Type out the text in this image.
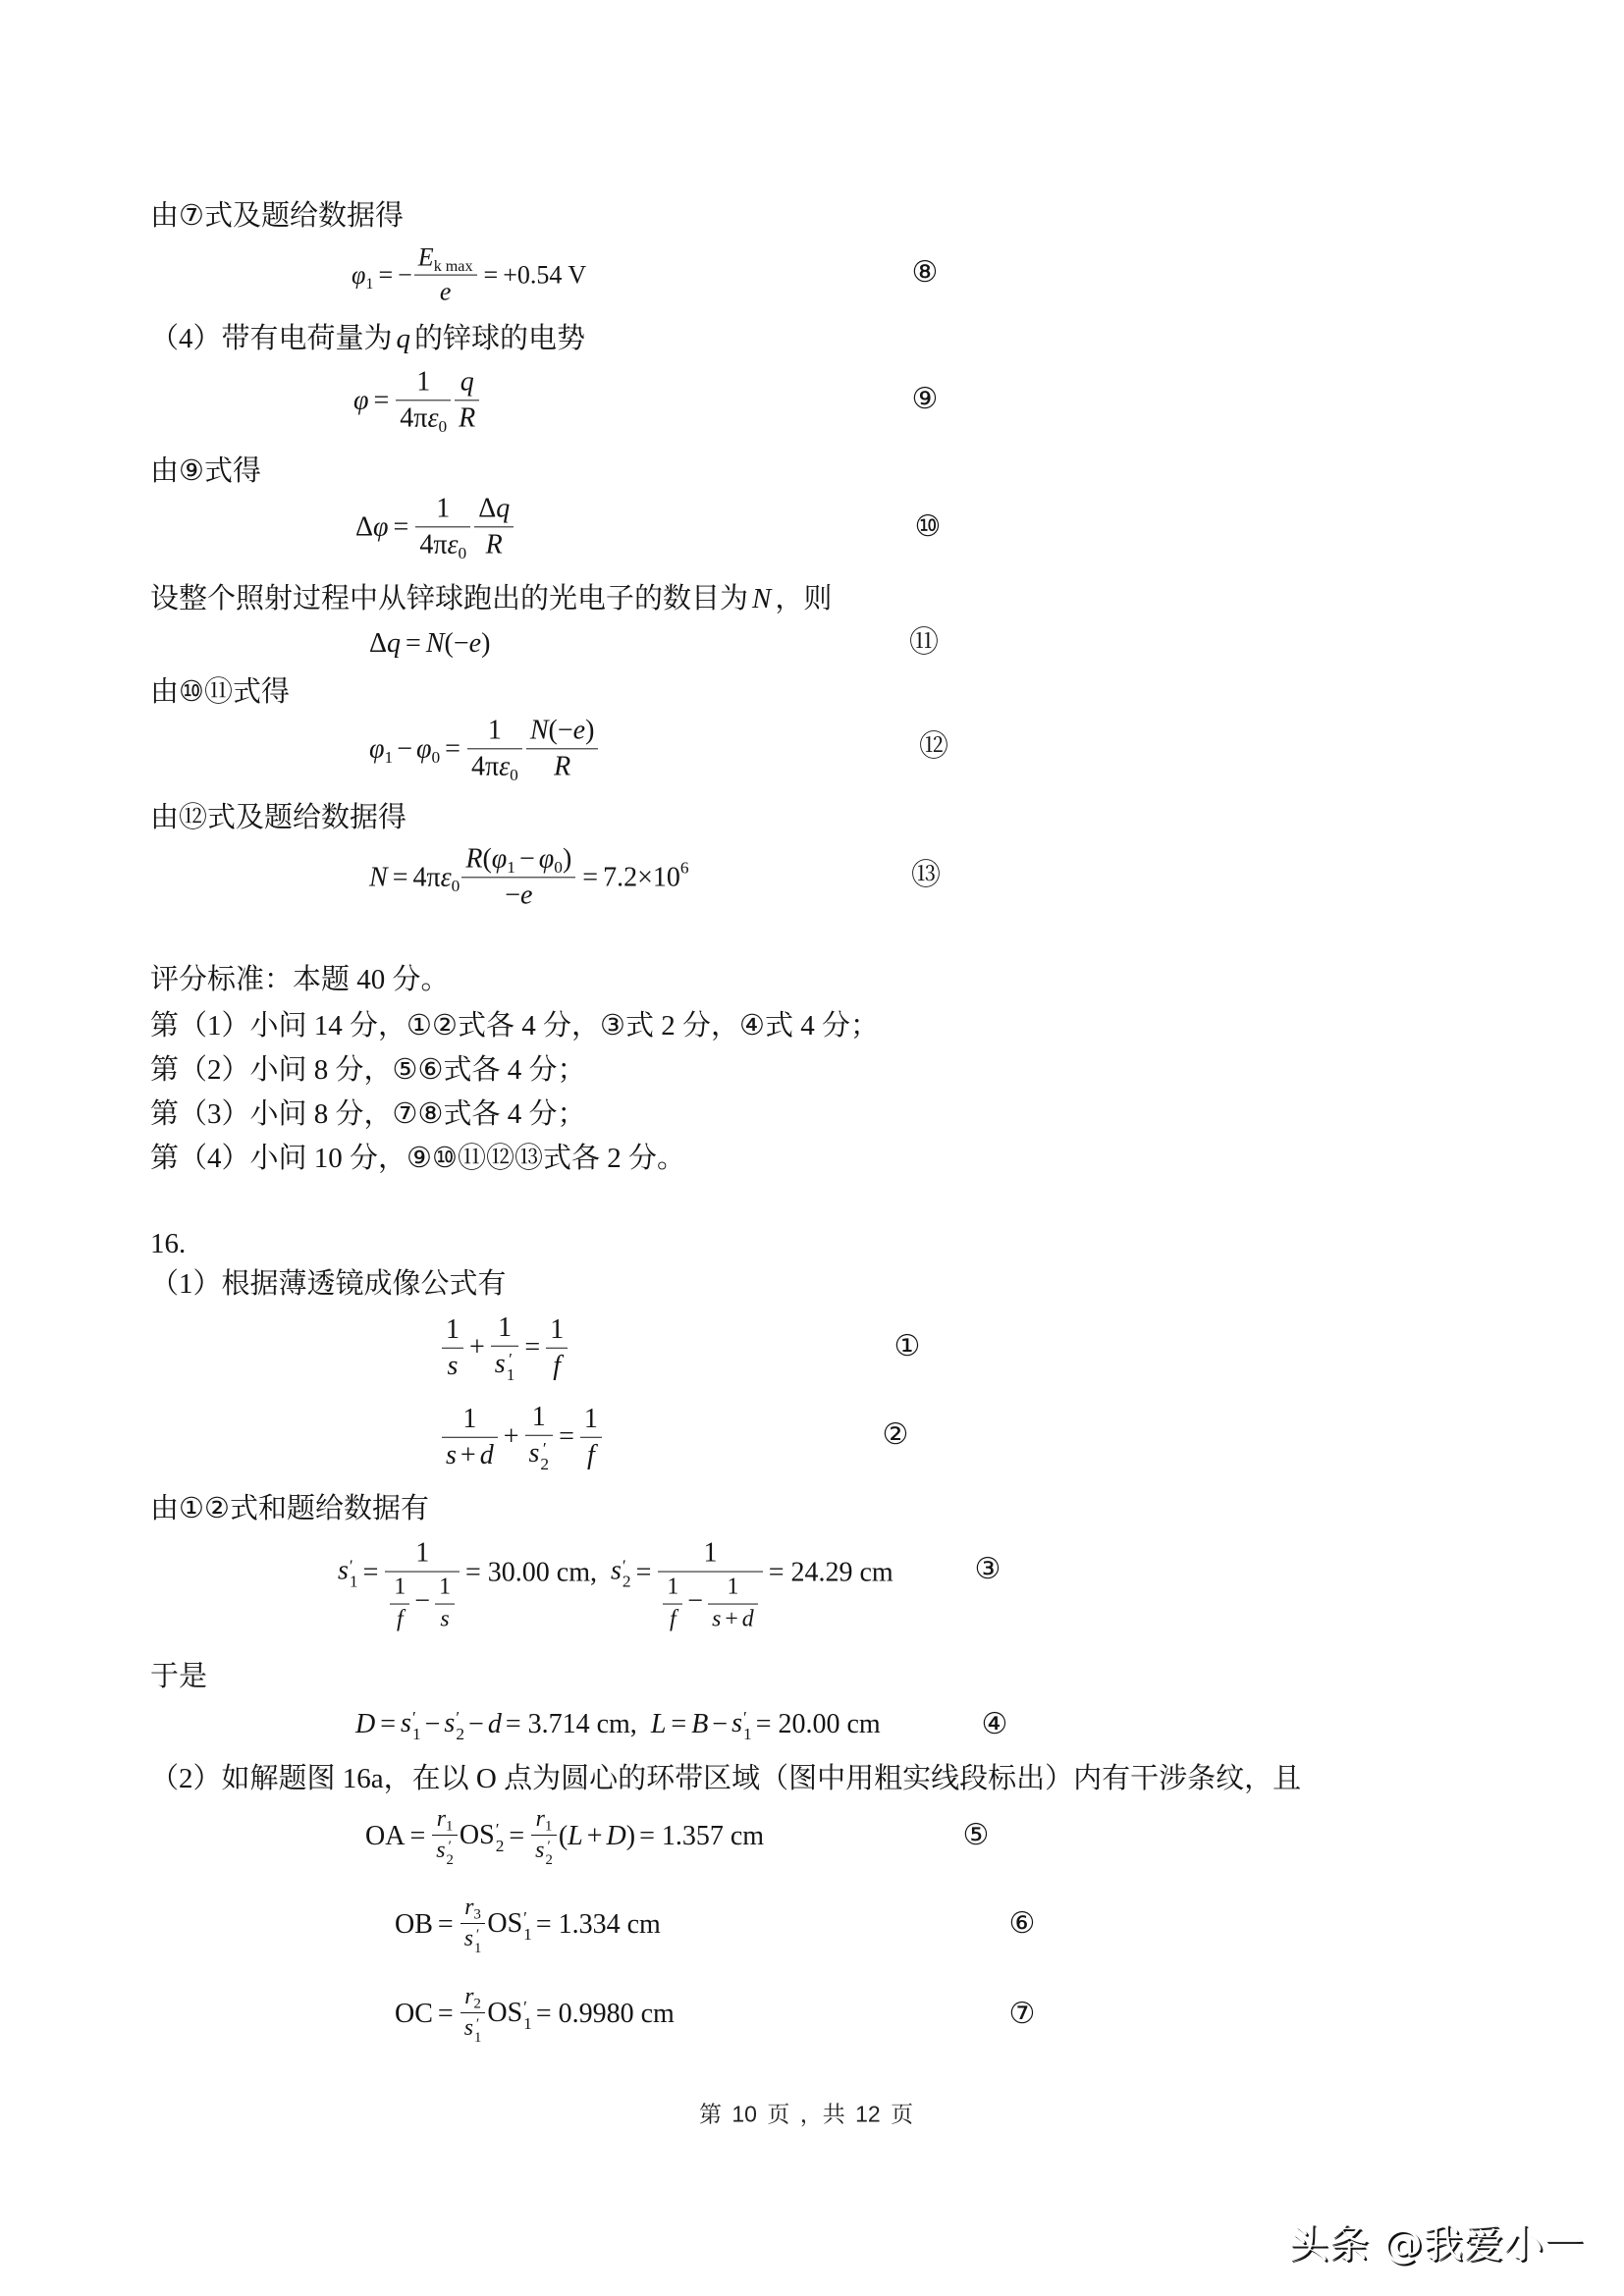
由⑦式及题给数据得
$\varphi_1$ = − $\frac{E_{k max}}{e} = +0.54$ V	⑧
（4）带有电荷量为 q 的锌球的电势
$\varphi = \frac{1}{4\pi\varepsilon_0} \frac{q}{R}$	⑨
由⑨式得
$\Delta\varphi = \frac{1}{4\pi\varepsilon_0} \frac{\Delta q}{R}$	⑩
设整个照射过程中从锌球跑出的光电子的数目为 N ，则
Δq = N(−e)	⑪
由⑩⑪式得
$\varphi_1 - \varphi_0 = \frac{1}{4\pi\varepsilon_0} \frac{N(-e)}{R}$	⑫
由⑫式及题给数据得
$N = 4\pi\varepsilon_0 \frac{R(\varphi_1 - \varphi_0)}{-e} = 7.2\times 10^6$	⑬
评分标准：本题 40 分。
第（1）小问 14 分，①②式各 4 分，③式 2 分，④式 4 分；
第（2）小问 8 分，⑤⑥式各 4 分；
第（3）小问 8 分，⑦⑧式各 4 分；
第（4）小问 10 分，⑨⑩⑪⑫⑬式各 2 分。
16.
（1）根据薄透镜成像公式有
$\frac{1}{s} + 1$
s ′
$1 = \frac{1}{f}$	①
$\frac{1}{s + d} + 1$
s ′
$2 = \frac{1}{f}$	②
由①②式和题给数据有
s ′
$1 = \frac{1}{\frac{1}{f} - \frac{1}{s}} = 30.00$ cm, s ′
$2 = \frac{1}{\frac{1}{f} - \frac{1}{s + d}} = 24.29$ cm	③
于是
D = s ′
1 − s ′
2 − d = 3.714 cm, L = B − s ′
1 = 20.00 cm	④
（2）如解题图 16a，在以 O 点为圆心的环带区域（图中用粗实线段标出）内有干涉条纹，且
OA = $r_1$
s ′
2 OS ′
$2 = r_1$
s ′
2 (L + D) = 1.357 cm	⑤
OB = $r_3$
s ′
1 OS ′
1 = 1.334 cm	⑥
OC = $r_2$
s ′
1 OS ′
1 = 0.9980 cm	⑦
第 10 页 ，共 12 页
头条 @我爱小一
